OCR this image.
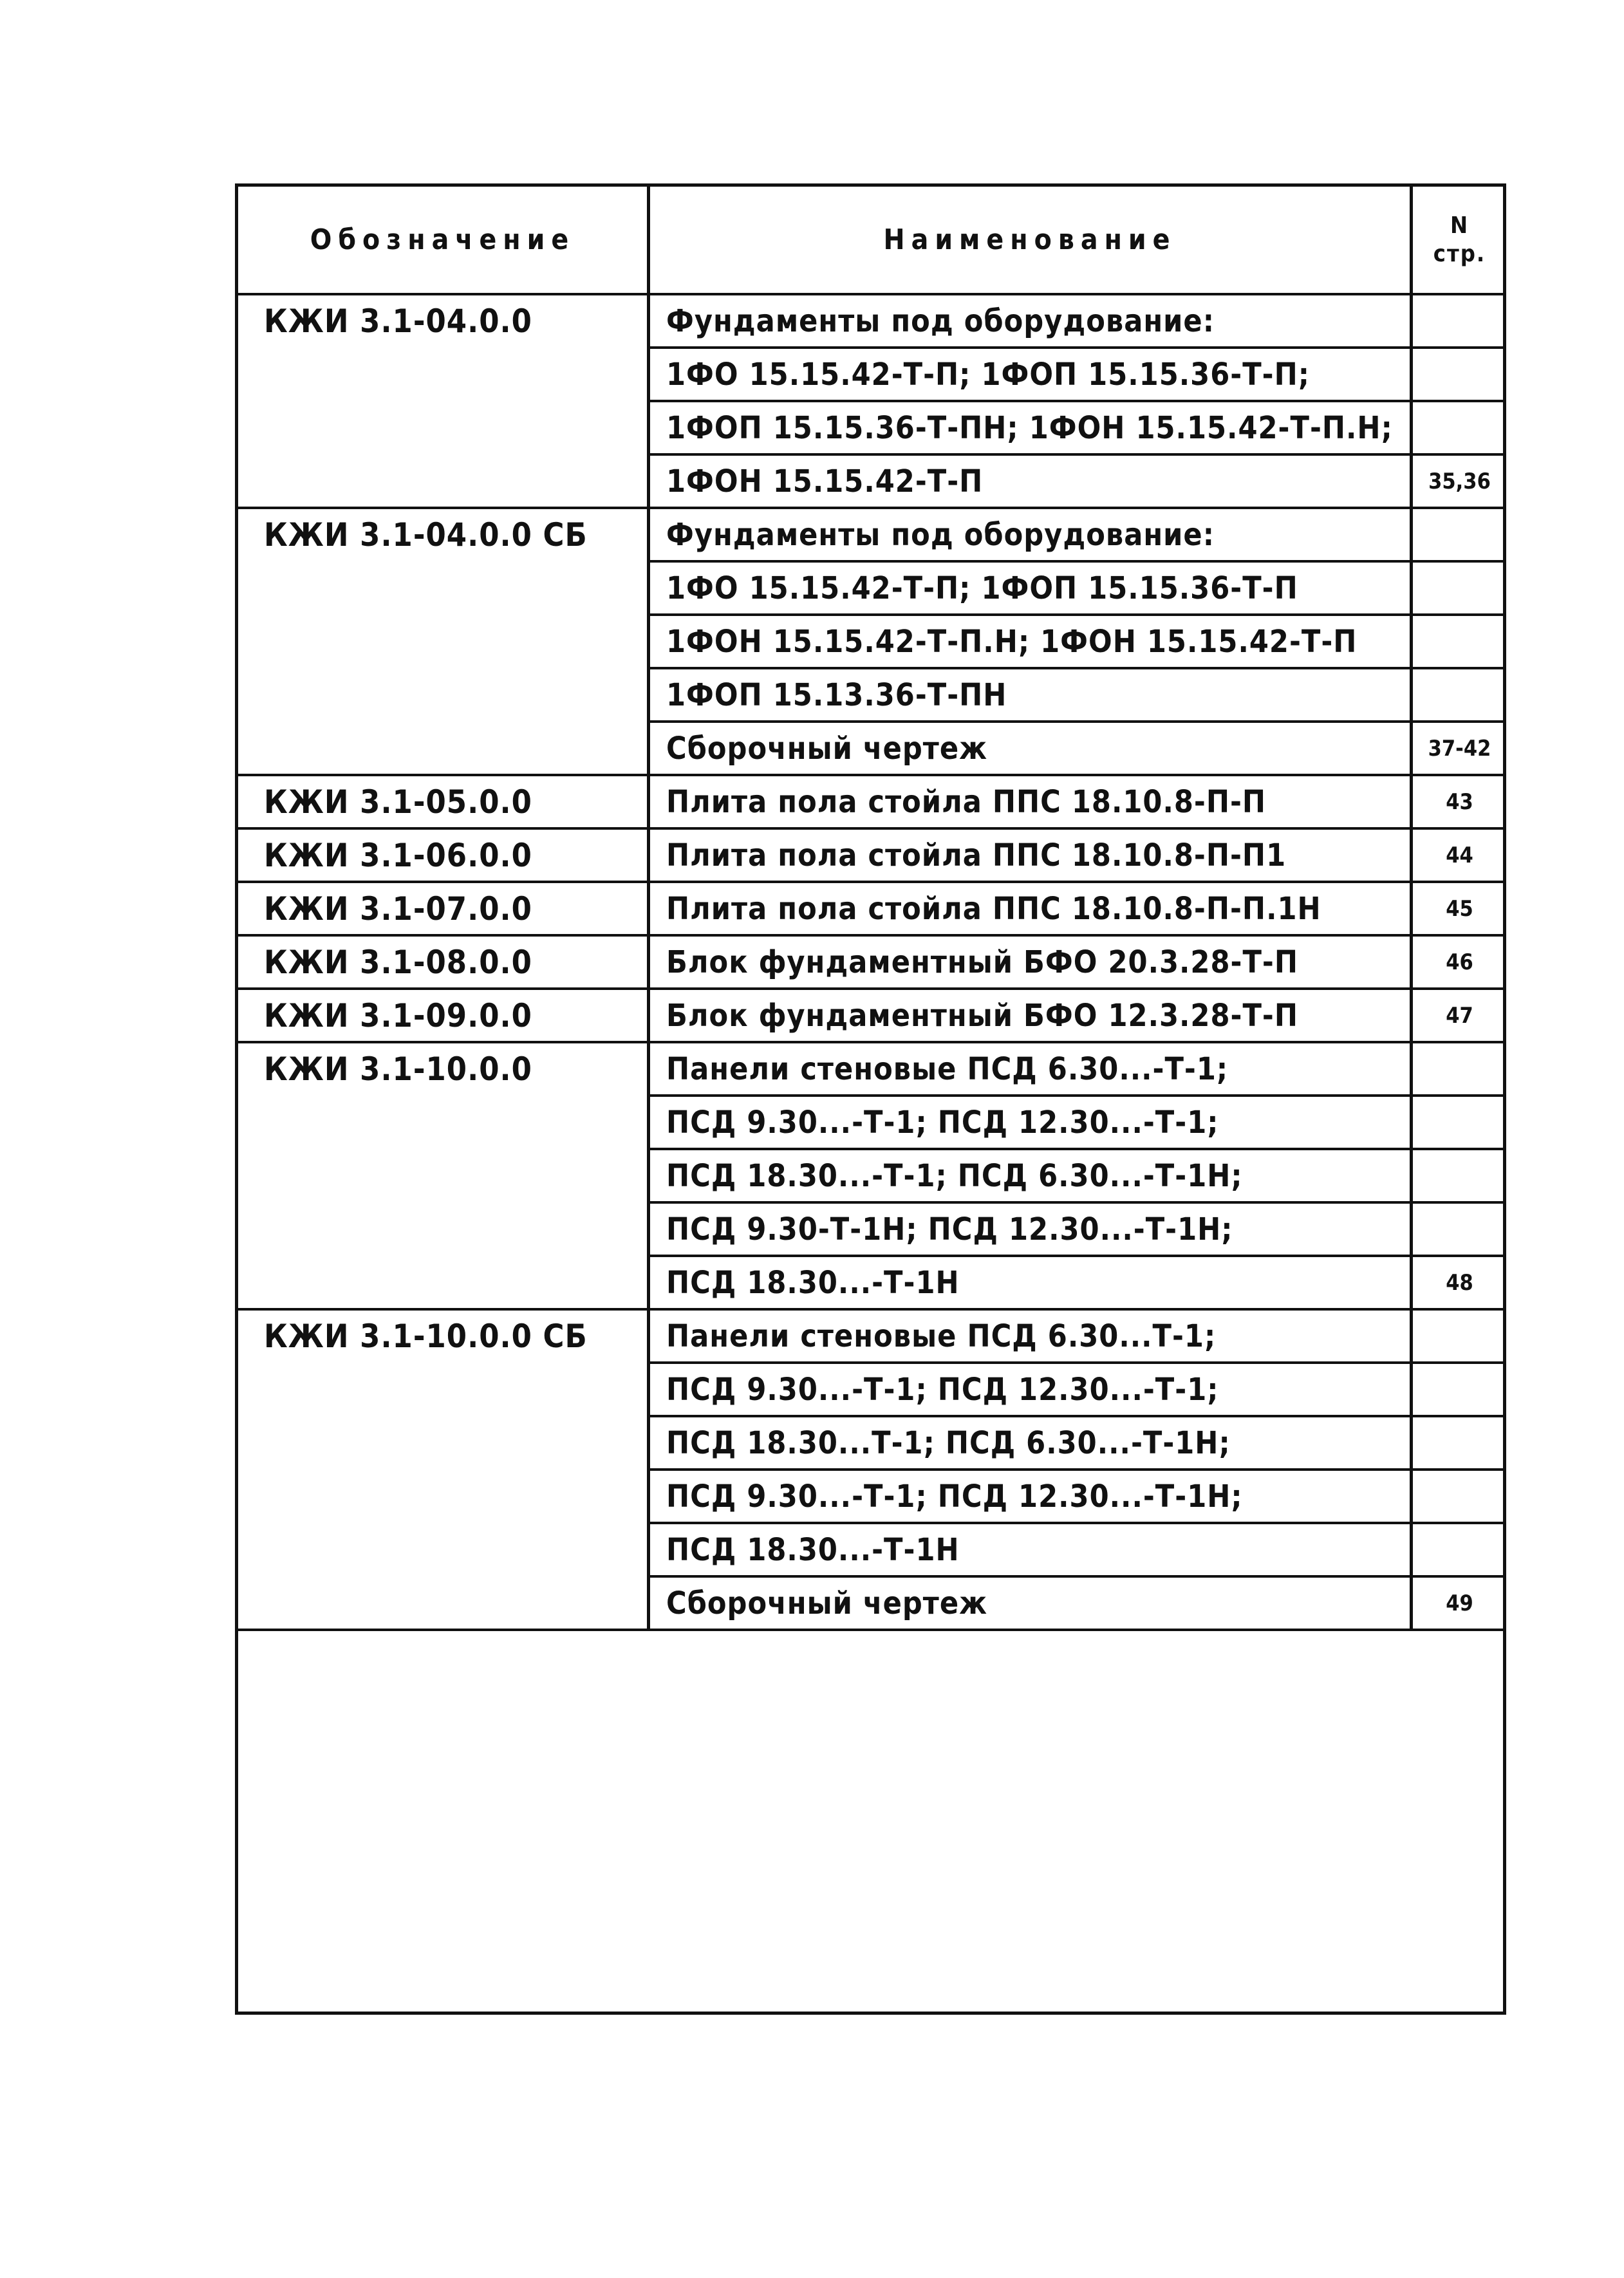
Обозначение	Наименование	N
стр.
КЖИ 3.1-04.0.0	Фундаменты под оборудование:
1ФО 15.15.42-Т-П; 1ФОП 15.15.36-Т-П;
1ФОП 15.15.36-Т-ПН; 1ФОН 15.15.42-Т-П.Н;
1ФОН 15.15.42-Т-П	35,36
КЖИ 3.1-04.0.0 СБ	Фундаменты под оборудование:
1ФО 15.15.42-Т-П; 1ФОП 15.15.36-Т-П
1ФОН 15.15.42-Т-П.Н; 1ФОН 15.15.42-Т-П
1ФОП 15.13.36-Т-ПН
Сборочный чертеж	37-42
КЖИ 3.1-05.0.0	Плита пола стойла ППС 18.10.8-П-П	43
КЖИ 3.1-06.0.0	Плита пола стойла ППС 18.10.8-П-П1	44
КЖИ 3.1-07.0.0	Плита пола стойла ППС 18.10.8-П-П.1Н	45
КЖИ 3.1-08.0.0	Блок фундаментный БФО 20.3.28-Т-П	46
КЖИ 3.1-09.0.0	Блок фундаментный БФО 12.3.28-Т-П	47
КЖИ 3.1-10.0.0	Панели стеновые ПСД 6.30...-Т-1;
ПСД 9.30...-Т-1; ПСД 12.30...-Т-1;
ПСД 18.30...-Т-1; ПСД 6.30...-Т-1Н;
ПСД 9.30-Т-1Н; ПСД 12.30...-Т-1Н;
ПСД 18.30...-Т-1Н	48
КЖИ 3.1-10.0.0 СБ	Панели стеновые ПСД 6.30...Т-1;
ПСД 9.30...-Т-1; ПСД 12.30...-Т-1;
ПСД 18.30...Т-1; ПСД 6.30...-Т-1Н;
ПСД 9.30...-Т-1; ПСД 12.30...-Т-1Н;
ПСД 18.30...-Т-1Н
Сборочный чертеж	49
